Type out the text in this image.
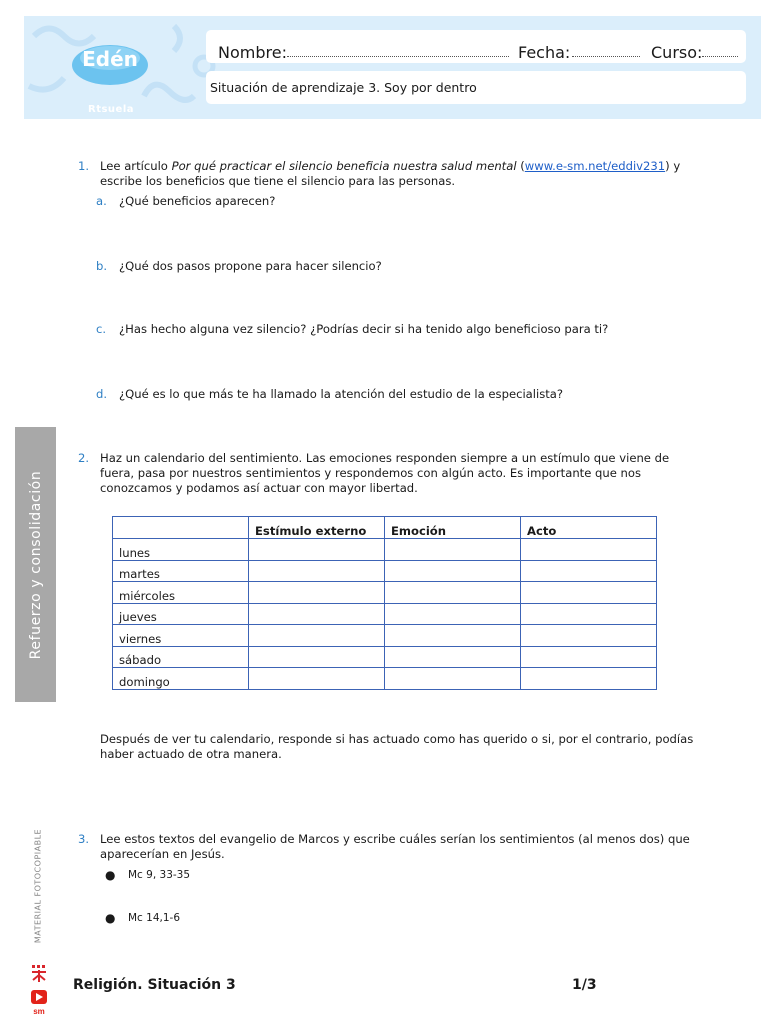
Edén
Rtsuela
Nombre:	Fecha:	Curso:
Situación de aprendizaje 3. Soy por dentro
Refuerzo y consolidación
MATERIAL FOTOCOPIABLE
1. Lee artículo Por qué practicar el silencio beneficia nuestra salud mental (www.e-sm.net/eddiv231) y
escribe los beneficios que tiene el silencio para las personas.
a. ¿Qué beneficios aparecen?
b. ¿Qué dos pasos propone para hacer silencio?
c. ¿Has hecho alguna vez silencio? ¿Podrías decir si ha tenido algo beneficioso para ti?
d. ¿Qué es lo que más te ha llamado la atención del estudio de la especialista?
2. Haz un calendario del sentimiento. Las emociones responden siempre a un estímulo que viene de
fuera, pasa por nuestros sentimientos y respondemos con algún acto. Es importante que nos
conozcamos y podamos así actuar con mayor libertad.
	Estímulo externo	Emoción	Acto
lunes			
martes			
miércoles			
jueves			
viernes			
sábado			
domingo			
Después de ver tu calendario, responde si has actuado como has querido o si, por el contrario, podías
haber actuado de otra manera.
3. Lee estos textos del evangelio de Marcos y escribe cuáles serían los sentimientos (al menos dos) que
aparecerían en Jesús.
● Mc 9, 33-35
● Mc 14,1-6
sm
Religión. Situación 3	1/3
